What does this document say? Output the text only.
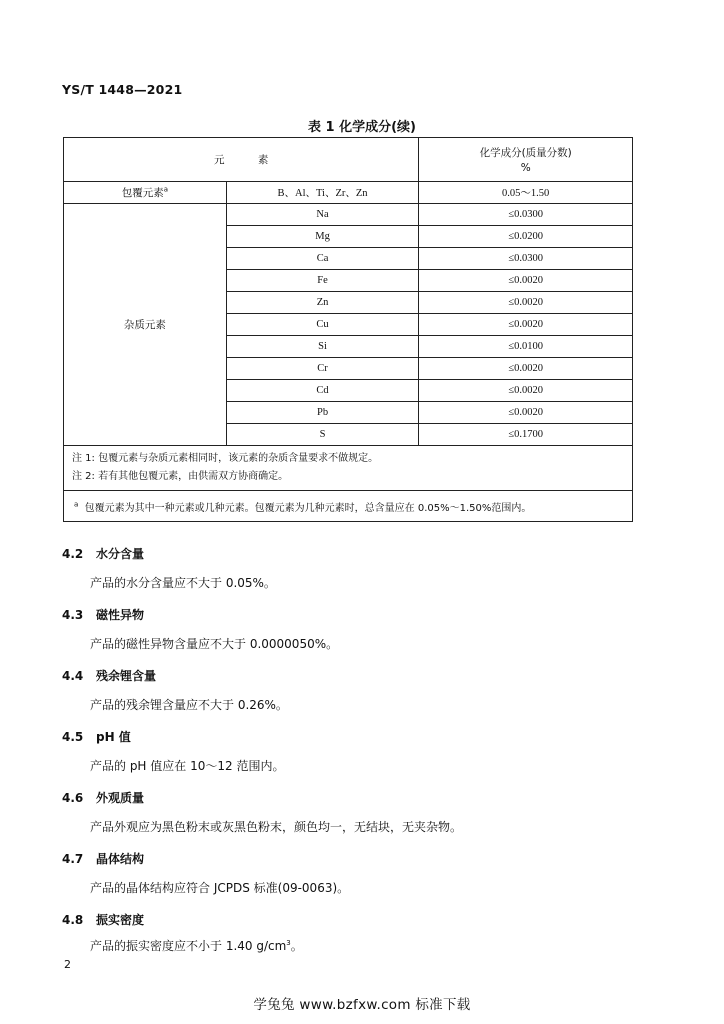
YS/T 1448—2021
表 1 化学成分(续)
元          素		化学成分(质量分数)
%

包覆元素$^a$	B、Al、Ti、Zr、Zn	0.05～1.50
杂质元素	Na	≤0.0300
	Mg	≤0.0200
	Ca	≤0.0300
	Fe	≤0.0020
	Zn	≤0.0020
	Cu	≤0.0020
	Si	≤0.0100
	Cr	≤0.0020
	Cd	≤0.0020
	Pb	≤0.0020
	S	≤0.1700

注 1: 包覆元素与杂质元素相同时，该元素的杂质含量要求不做规定。
注 2: 若有其他包覆元素，由供需双方协商确定。		

$^a$ 包覆元素为其中一种元素或几种元素。包覆元素为几种元素时，总含量应在 0.05%～1.50%范围内。		
4.2 水分含量
产品的水分含量应不大于 0.05%。
4.3 磁性异物
产品的磁性异物含量应不大于 0.0000050%。
4.4 残余锂含量
产品的残余锂含量应不大于 0.26%。
4.5 pH 值
产品的 pH 值应在 10～12 范围内。
4.6 外观质量
产品外观应为黑色粉末或灰黑色粉末，颜色均一，无结块，无夹杂物。
4.7 晶体结构
产品的晶体结构应符合 JCPDS 标准(09-0063)。
4.8 振实密度
产品的振实密度应不小于 1.40 $g/cm^3$。
2
学兔兔 www.bzfxw.com 标准下载
